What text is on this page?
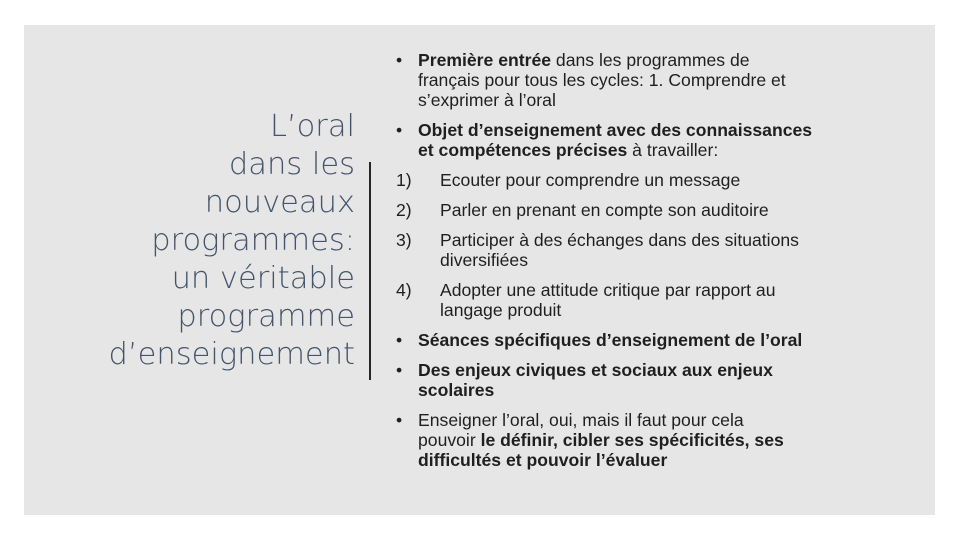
L’oral
dans les
nouveaux
programmes:
un véritable
programme
d’enseignement
• Première entrée dans les programmes de
français pour tous les cycles: 1. Comprendre et
s’exprimer à l’oral
• Objet d’enseignement avec des connaissances
et compétences précises à travailler:
1)	Ecouter pour comprendre un message
2)	Parler en prenant en compte son auditoire
3)	Participer à des échanges dans des situations
diversifiées
4)	Adopter une attitude critique par rapport au
langage produit
• Séances spécifiques d’enseignement de l’oral
• Des enjeux civiques et sociaux aux enjeux
scolaires
• Enseigner l’oral, oui, mais il faut pour cela
pouvoir le définir, cibler ses spécificités, ses
difficultés et pouvoir l’évaluer
